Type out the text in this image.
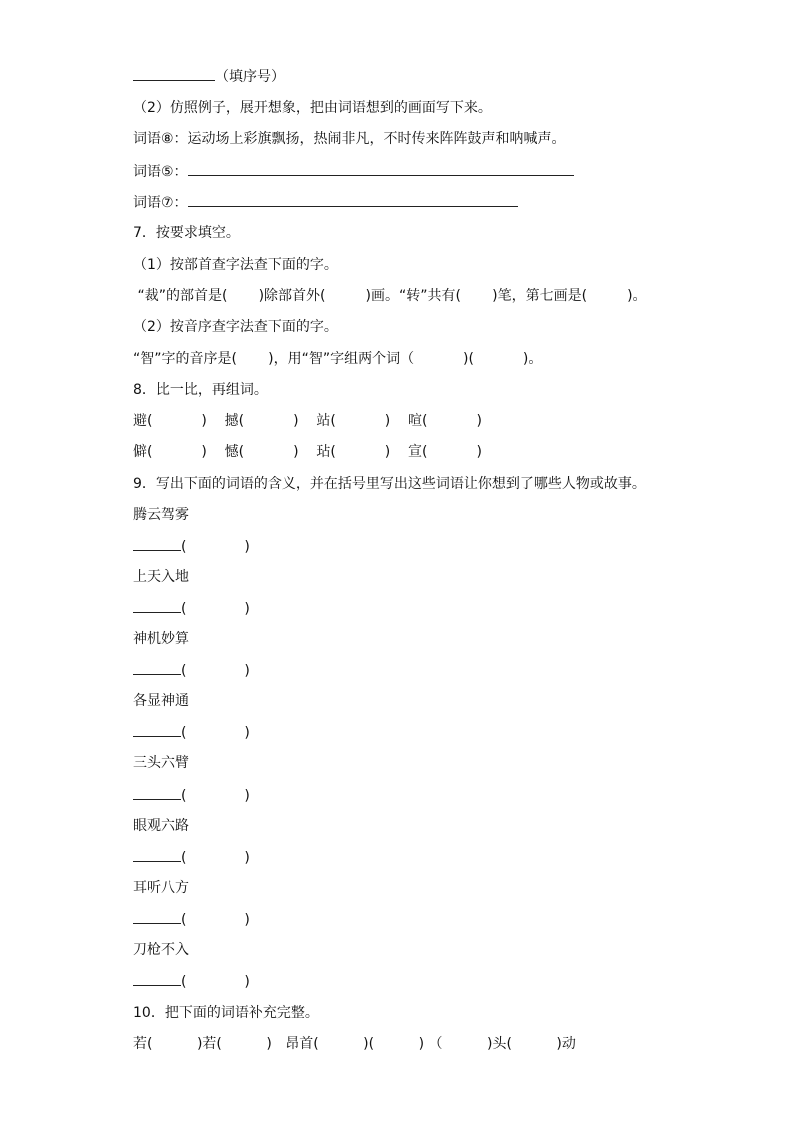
（填序号）
（2）仿照例子，展开想象，把由词语想到的画面写下来。
词语⑧：运动场上彩旗飘扬，热闹非凡，不时传来阵阵鼓声和呐喊声。
词语⑤：
词语⑦：
7．按要求填空。
（1）按部首查字法查下面的字。
“裁”的部首是(       )除部首外(         )画。“转”共有(       )笔，第七画是(         )。
（2）按音序查字法查下面的字。
“智”字的音序是(       )，用“智”字组两个词（           )(           )。
8．比一比，再组词。
避(           )    撼(           )    站(           )    喧(           )
僻(           )    憾(           )    玷(           )    宣(           )
9．写出下面的词语的含义，并在括号里写出这些词语让你想到了哪些人物或故事。
腾云驾雾
(             )
上天入地
(             )
神机妙算
(             )
各显神通
(             )
三头六臂
(             )
眼观六路
(             )
耳听八方
(             )
刀枪不入
(             )
10．把下面的词语补充完整。
若(          )若(          )   昂首(          )(          ) （          )头(          )动
